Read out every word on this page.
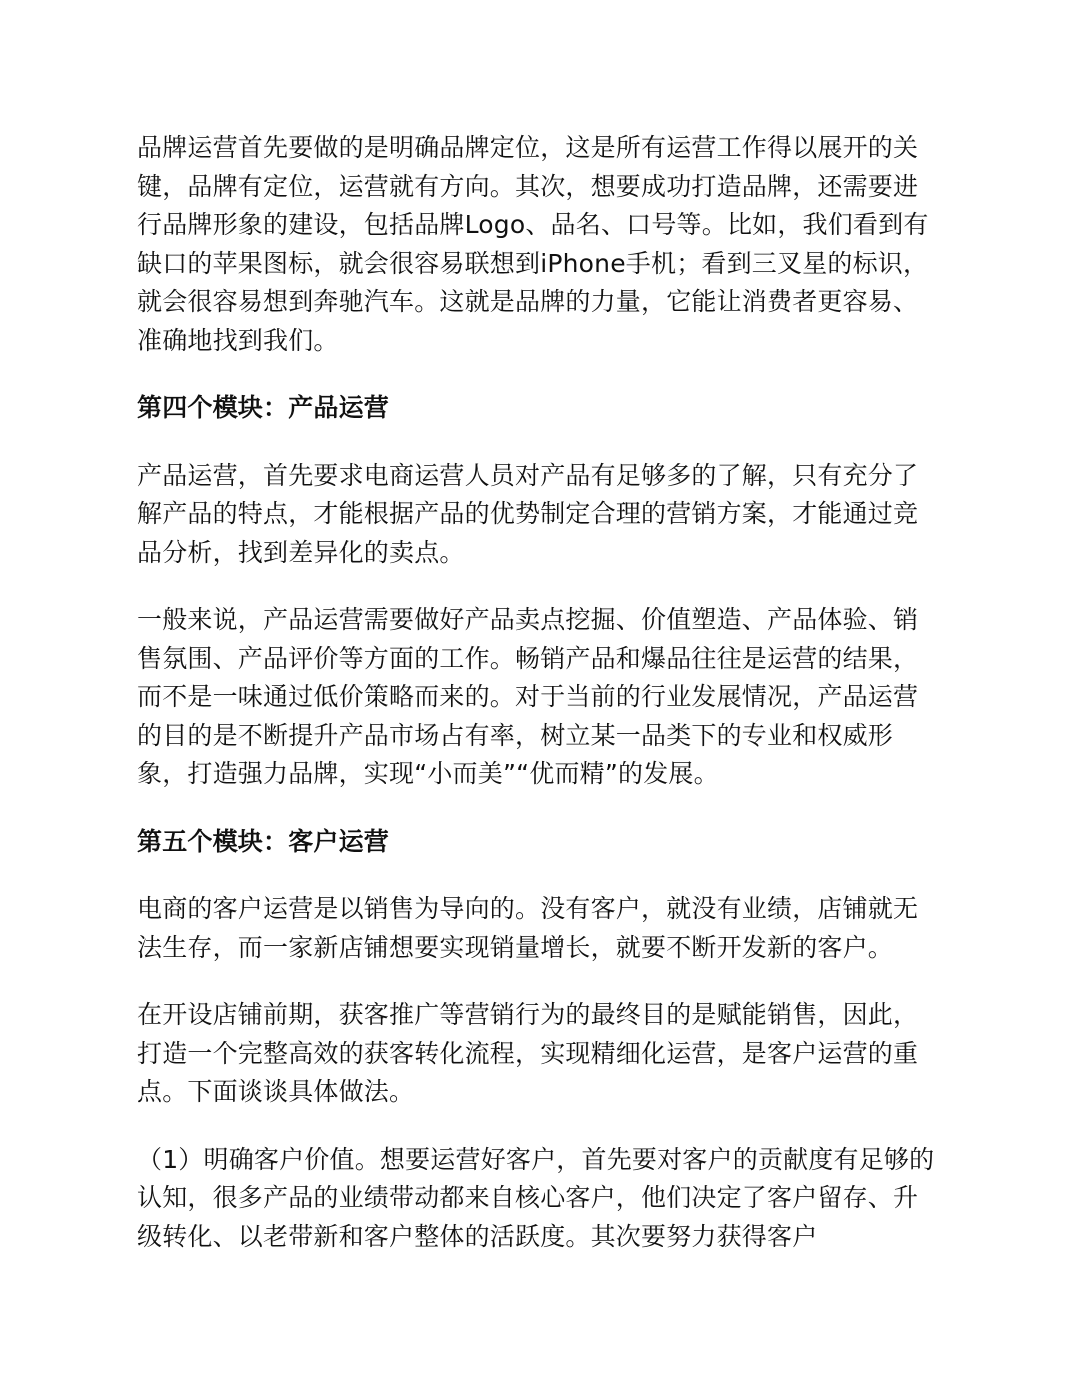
品牌运营首先要做的是明确品牌定位，这是所有运营工作得以展开的关键，品牌有定位，运营就有方向。其次，想要成功打造品牌，还需要进行品牌形象的建设，包括品牌Logo、品名、口号等。比如，我们看到有缺口的苹果图标，就会很容易联想到iPhone手机；看到三叉星的标识，就会很容易想到奔驰汽车。这就是品牌的力量，它能让消费者更容易、准确地找到我们。

第四个模块：产品运营

产品运营，首先要求电商运营人员对产品有足够多的了解，只有充分了解产品的特点，才能根据产品的优势制定合理的营销方案，才能通过竞品分析，找到差异化的卖点。

一般来说，产品运营需要做好产品卖点挖掘、价值塑造、产品体验、销售氛围、产品评价等方面的工作。畅销产品和爆品往往是运营的结果，而不是一味通过低价策略而来的。对于当前的行业发展情况，产品运营的目的是不断提升产品市场占有率，树立某一品类下的专业和权威形象，打造强力品牌，实现“小而美”“优而精”的发展。

第五个模块：客户运营

电商的客户运营是以销售为导向的。没有客户，就没有业绩，店铺就无法生存，而一家新店铺想要实现销量增长，就要不断开发新的客户。

在开设店铺前期，获客推广等营销行为的最终目的是赋能销售，因此，打造一个完整高效的获客转化流程，实现精细化运营，是客户运营的重点。下面谈谈具体做法。

（1）明确客户价值。想要运营好客户，首先要对客户的贡献度有足够的认知，很多产品的业绩带动都来自核心客户，他们决定了客户留存、升级转化、以老带新和客户整体的活跃度。其次要努力获得客户
